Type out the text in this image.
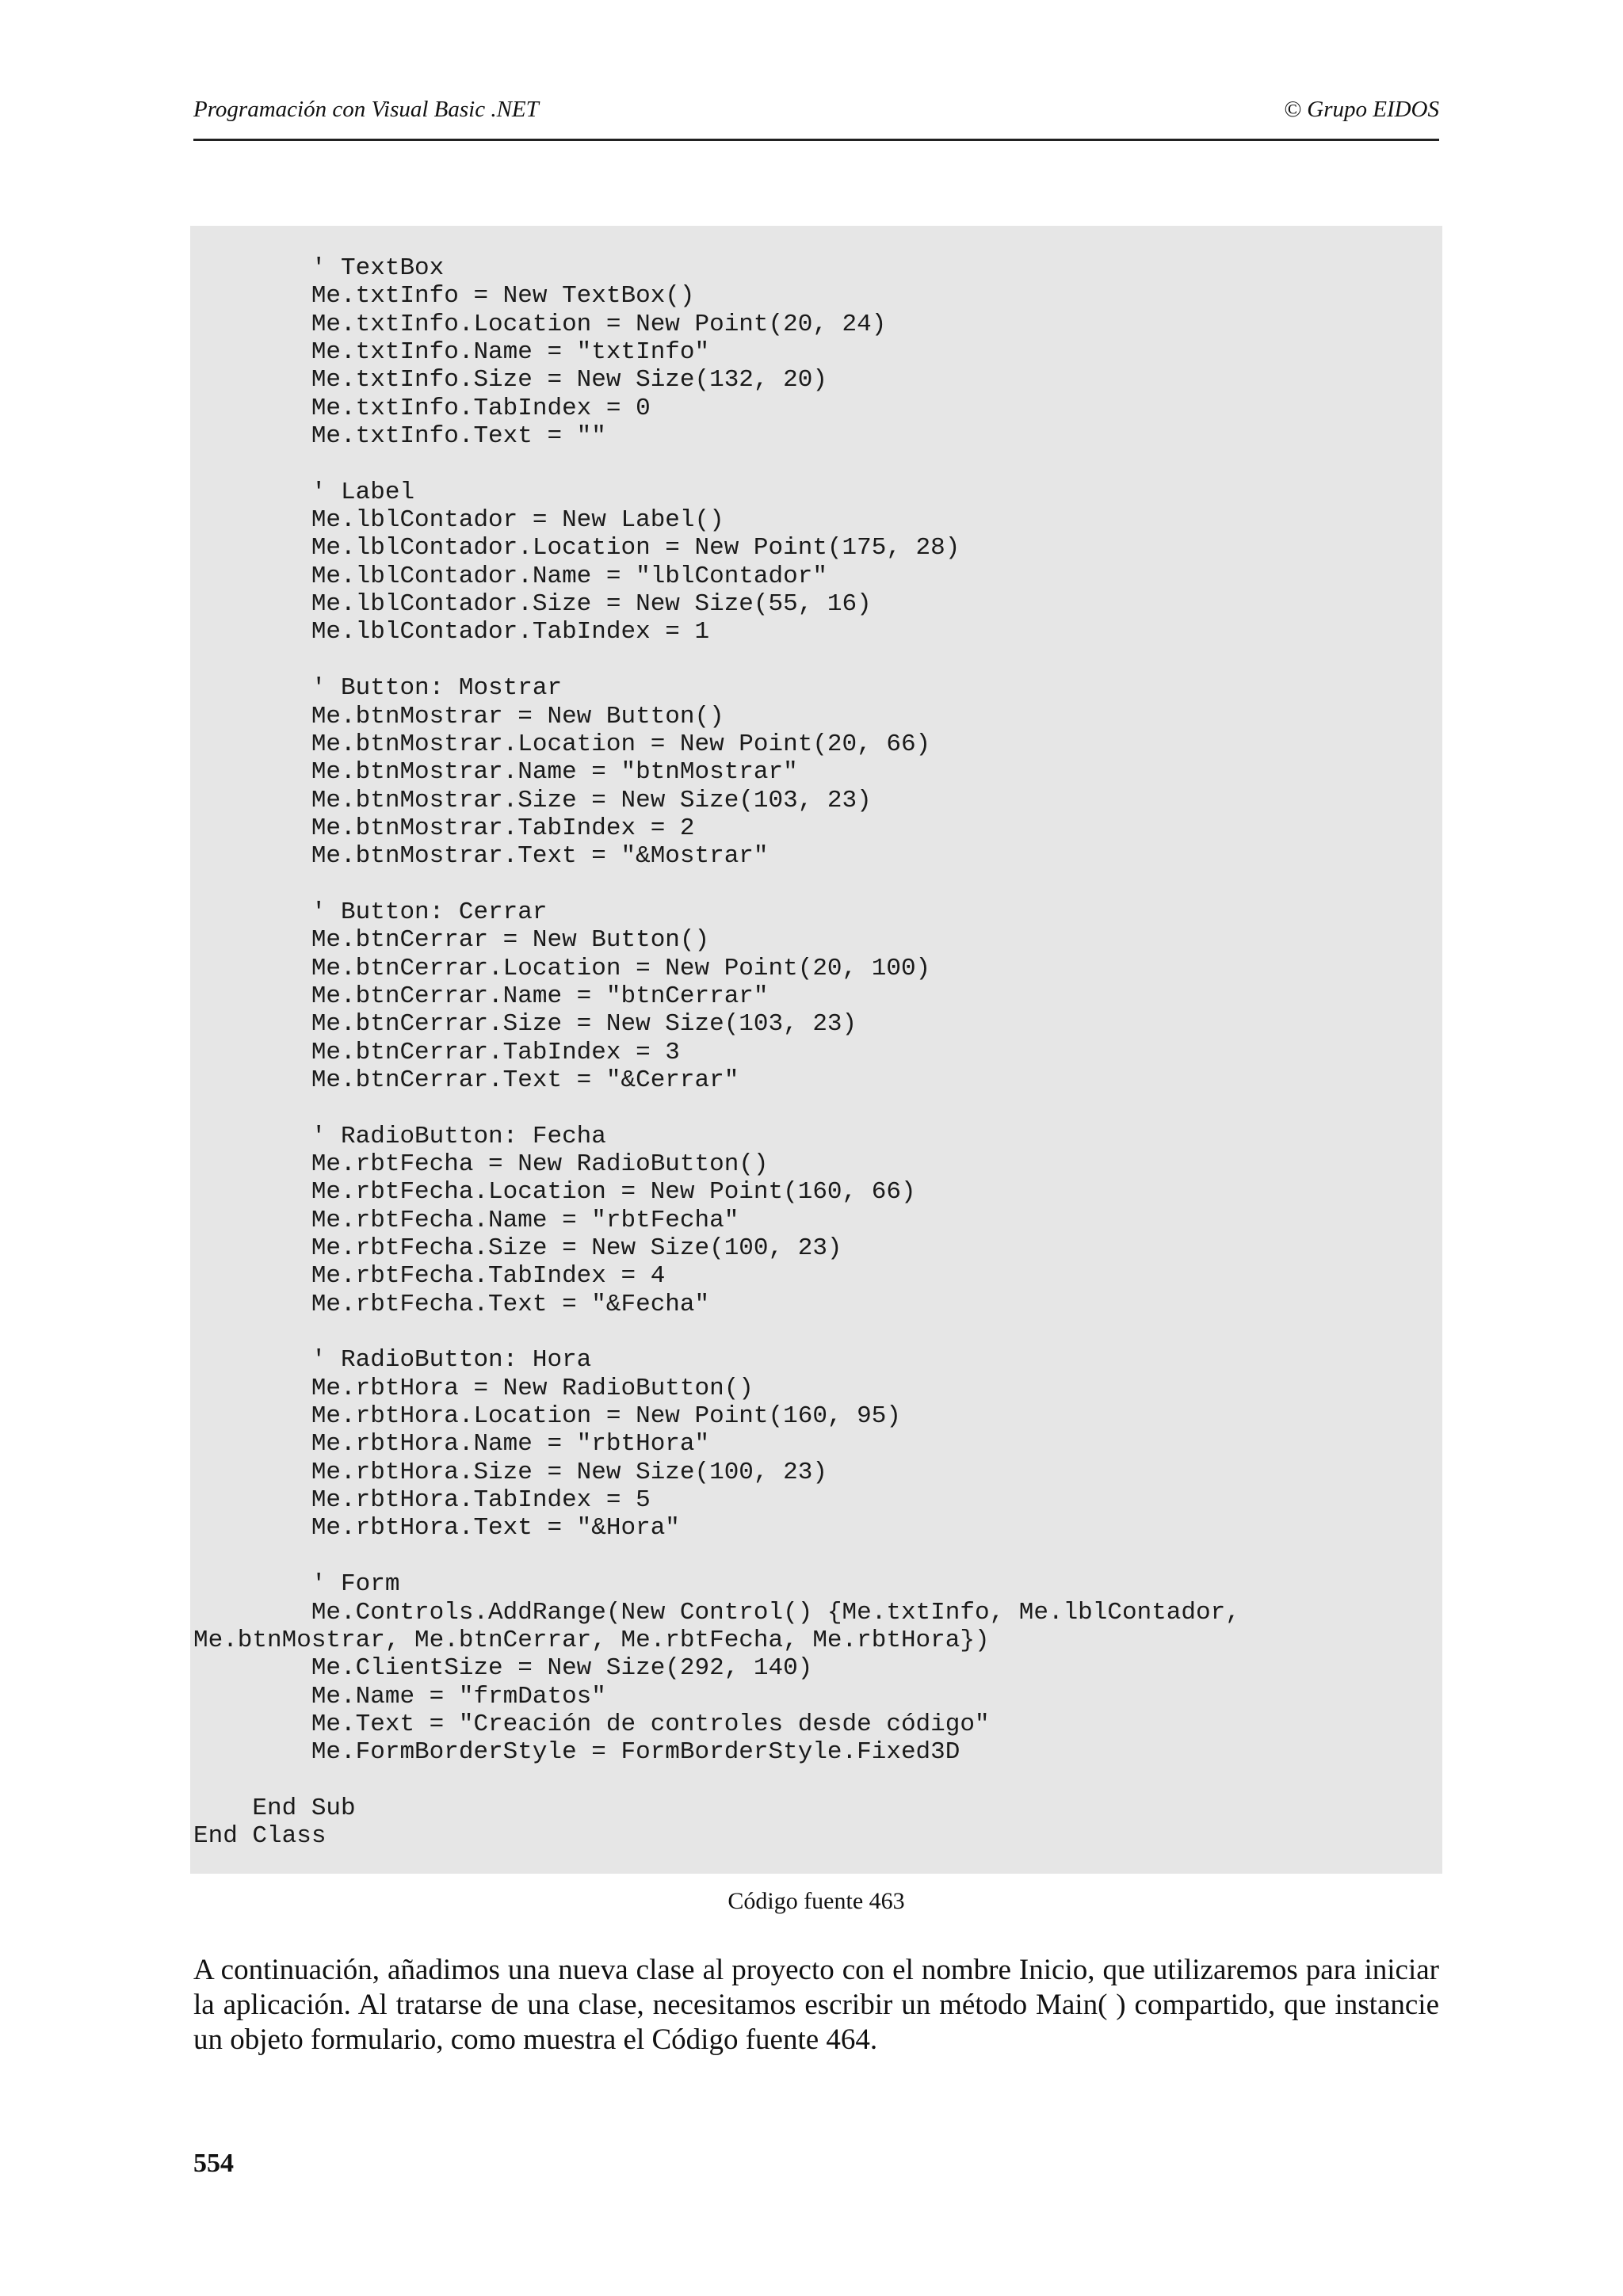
Programación con Visual Basic .NET	© Grupo EIDOS
' TextBox
Me.txtInfo = New TextBox()
Me.txtInfo.Location = New Point(20, 24)
Me.txtInfo.Name = "txtInfo"
Me.txtInfo.Size = New Size(132, 20)
Me.txtInfo.TabIndex = 0
Me.txtInfo.Text = ""
' Label
Me.lblContador = New Label()
Me.lblContador.Location = New Point(175, 28)
Me.lblContador.Name = "lblContador"
Me.lblContador.Size = New Size(55, 16)
Me.lblContador.TabIndex = 1
' Button: Mostrar
Me.btnMostrar = New Button()
Me.btnMostrar.Location = New Point(20, 66)
Me.btnMostrar.Name = "btnMostrar"
Me.btnMostrar.Size = New Size(103, 23)
Me.btnMostrar.TabIndex = 2
Me.btnMostrar.Text = "&Mostrar"
' Button: Cerrar
Me.btnCerrar = New Button()
Me.btnCerrar.Location = New Point(20, 100)
Me.btnCerrar.Name = "btnCerrar"
Me.btnCerrar.Size = New Size(103, 23)
Me.btnCerrar.TabIndex = 3
Me.btnCerrar.Text = "&Cerrar"
' RadioButton: Fecha
Me.rbtFecha = New RadioButton()
Me.rbtFecha.Location = New Point(160, 66)
Me.rbtFecha.Name = "rbtFecha"
Me.rbtFecha.Size = New Size(100, 23)
Me.rbtFecha.TabIndex = 4
Me.rbtFecha.Text = "&Fecha"
' RadioButton: Hora
Me.rbtHora = New RadioButton()
Me.rbtHora.Location = New Point(160, 95)
Me.rbtHora.Name = "rbtHora"
Me.rbtHora.Size = New Size(100, 23)
Me.rbtHora.TabIndex = 5
Me.rbtHora.Text = "&Hora"
' Form
Me.Controls.AddRange(New Control() {Me.txtInfo, Me.lblContador,
Me.btnMostrar, Me.btnCerrar, Me.rbtFecha, Me.rbtHora})
Me.ClientSize = New Size(292, 140)
Me.Name = "frmDatos"
Me.Text = "Creación de controles desde código"
Me.FormBorderStyle = FormBorderStyle.Fixed3D
End Sub
End Class
Código fuente 463
A continuación, añadimos una nueva clase al proyecto con el nombre Inicio, que utilizaremos para iniciar la aplicación. Al tratarse de una clase, necesitamos escribir un método Main( ) compartido, que instancie un objeto formulario, como muestra el Código fuente 464.
554
